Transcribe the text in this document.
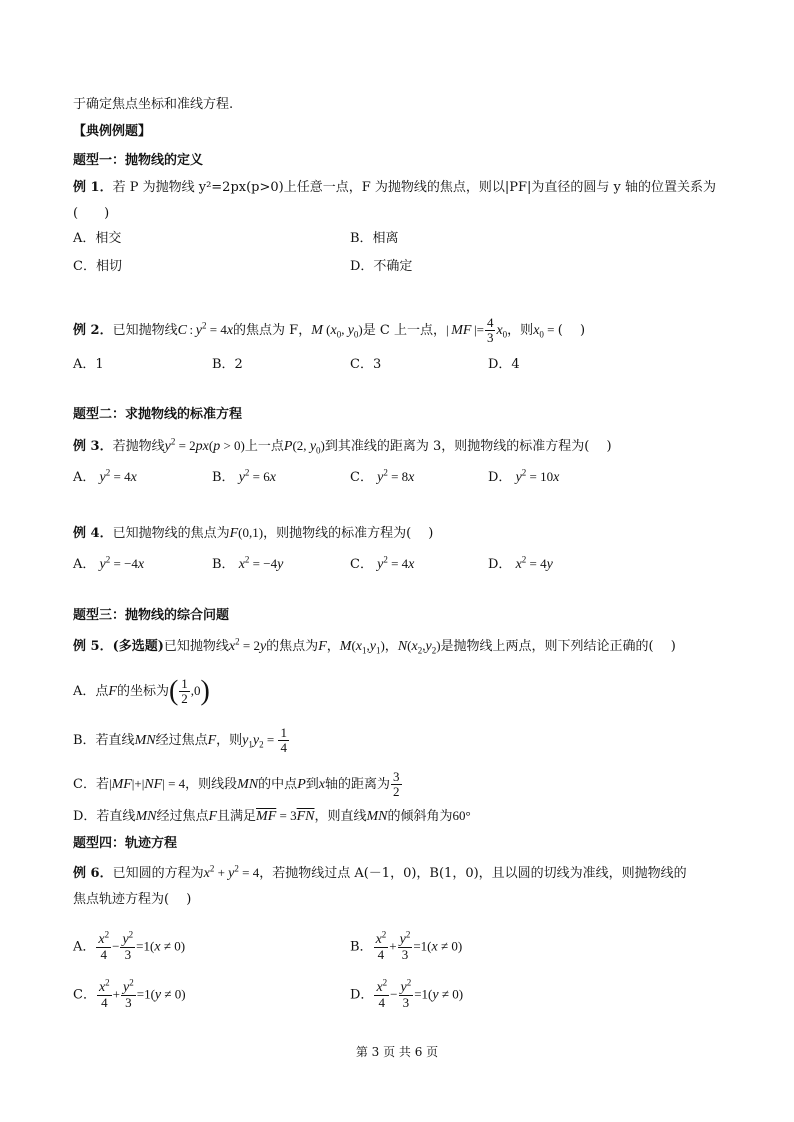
于确定焦点坐标和准线方程.
【典例例题】
题型一：抛物线的定义
例 1．若 P 为抛物线 y²=2px(p>0)上任意一点，F 为抛物线的焦点，则以|PF|为直径的圆与 y 轴的位置关系为
(　　)
A．相交	B．相离
C．相切	D．不确定
例 2．已知抛物线C : $y^2 = 4x$的焦点为 F，M ($x_0$, $y_0$)是 C 上一点，| MF |= $\frac{4}{3} x_0$，则$x_0$ = (　 )
A．1	B．2	C．3	D．4
题型二：求抛物线的标准方程
例 3．若抛物线$y^2 = 2px(p > 0)$上一点P(2, $y_0$)到其准线的距离为 3，则抛物线的标准方程为(　 )
A． $y^2 = 4x$	B． $y^2 = 6x$	C． $y^2 = 8x$	D． $y^2 = 10x$
例 4．已知抛物线的焦点为F(0,1)，则抛物线的标准方程为(　 )
A． $y^2 = -4x$	B． $x^2 = -4y$	C． $y^2 = 4x$	D． $x^2 = 4y$
题型三：抛物线的综合问题
例 5．(多选题)已知抛物线$x^2 = 2y$的焦点为F，$M(x_1,y_1)$，$N(x_2,y_2)$是抛物线上两点，则下列结论正确的(　 )
A．点F的坐标为( $\frac{1}{2} ,0$)
B．若直线MN经过焦点F，则$y_1y_2 = \frac{1}{4}$
C．若|MF|+|NF| = 4，则线段MN的中点P到x轴的距离为 $\frac{3}{2}$
D．若直线MN经过焦点F且满足$\overline{MF} = 3\overline{FN}$，则直线MN的倾斜角为60°
题型四：轨迹方程
例 6．已知圆的方程为$x^2 + y^2 = 4$，若抛物线过点 A(－1，0)，B(1，0)，且以圆的切线为准线，则抛物线的
焦点轨迹方程为(　 )
A． $\frac{x^2}{4} - \frac{y^2}{3} =1(x \ne 0)$	B． $\frac{x^2}{4} + \frac{y^2}{3} =1(x \ne 0)$
C． $\frac{x^2}{4} + \frac{y^2}{3} =1(y \ne 0)$	D． $\frac{x^2}{4} - \frac{y^2}{3} =1(y \ne 0)$
第 3 页 共 6 页
